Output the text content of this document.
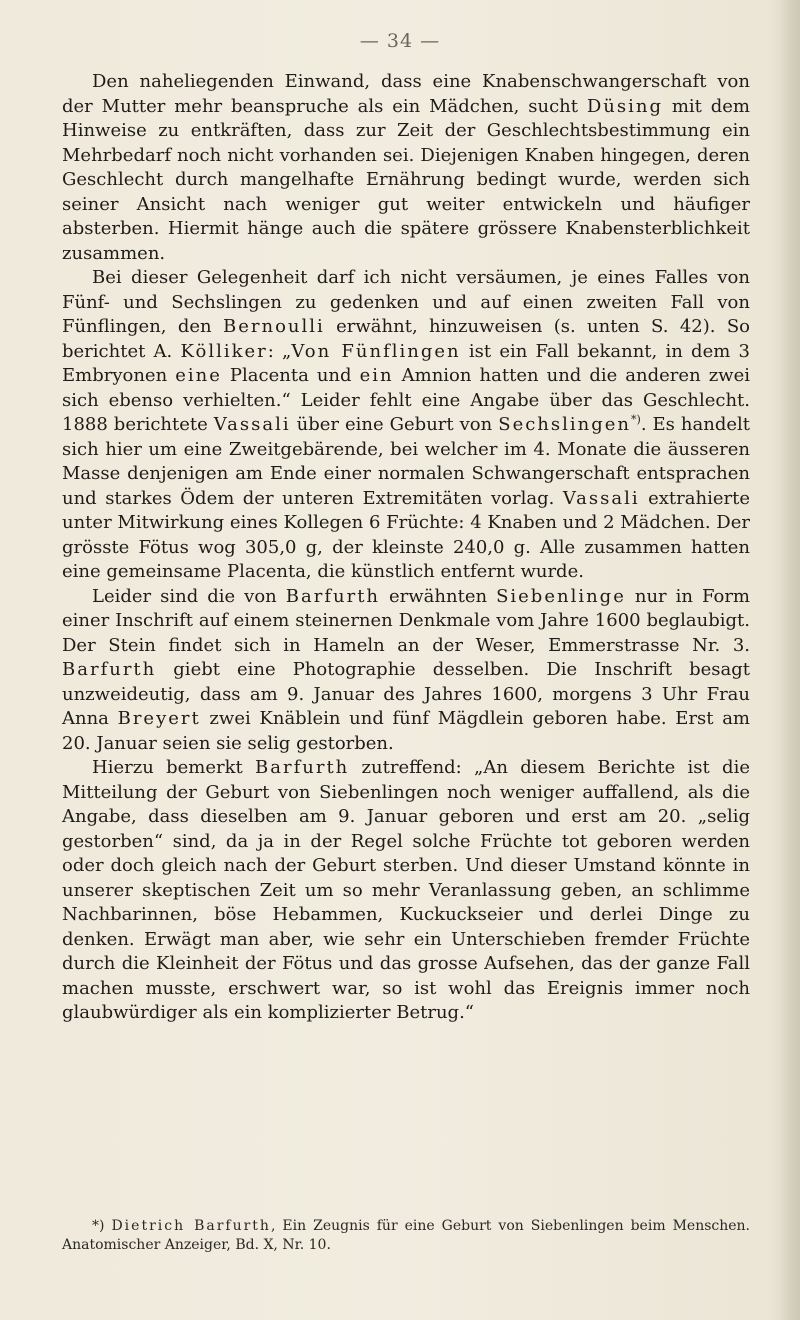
— 34 —

Den naheliegenden Einwand, dass eine Knabenschwangerschaft von der Mutter mehr beanspruche als ein Mädchen, sucht Düsing mit dem Hinweise zu entkräften, dass zur Zeit der Geschlechtsbestimmung ein Mehrbedarf noch nicht vorhanden sei. Diejenigen Knaben hingegen, deren Geschlecht durch mangelhafte Ernährung bedingt wurde, werden sich seiner Ansicht nach weniger gut weiter entwickeln und häufiger absterben. Hiermit hänge auch die spätere grössere Knabensterblichkeit zusammen.

Bei dieser Gelegenheit darf ich nicht versäumen, je eines Falles von Fünf- und Sechslingen zu gedenken und auf einen zweiten Fall von Fünflingen, den Bernoulli erwähnt, hinzuweisen (s. unten S. 42). So berichtet A. Kölliker: „Von Fünflingen ist ein Fall bekannt, in dem 3 Embryonen eine Placenta und ein Amnion hatten und die anderen zwei sich ebenso verhielten.“ Leider fehlt eine Angabe über das Geschlecht. 1888 berichtete Vassali über eine Geburt von Sechslingen*). Es handelt sich hier um eine Zweitgebärende, bei welcher im 4. Monate die äusseren Masse denjenigen am Ende einer normalen Schwangerschaft entsprachen und starkes Ödem der unteren Extremitäten vorlag. Vassali extrahierte unter Mitwirkung eines Kollegen 6 Früchte: 4 Knaben und 2 Mädchen. Der grösste Fötus wog 305,0 g, der kleinste 240,0 g. Alle zusammen hatten eine gemeinsame Placenta, die künstlich entfernt wurde.

Leider sind die von Barfurth erwähnten Siebenlinge nur in Form einer Inschrift auf einem steinernen Denkmale vom Jahre 1600 beglaubigt. Der Stein findet sich in Hameln an der Weser, Emmerstrasse Nr. 3. Barfurth giebt eine Photographie desselben. Die Inschrift besagt unzweideutig, dass am 9. Januar des Jahres 1600, morgens 3 Uhr Frau Anna Breyert zwei Knäblein und fünf Mägdlein geboren habe. Erst am 20. Januar seien sie selig gestorben.

Hierzu bemerkt Barfurth zutreffend: „An diesem Berichte ist die Mitteilung der Geburt von Siebenlingen noch weniger auffallend, als die Angabe, dass dieselben am 9. Januar geboren und erst am 20. „selig gestorben“ sind, da ja in der Regel solche Früchte tot geboren werden oder doch gleich nach der Geburt sterben. Und dieser Umstand könnte in unserer skeptischen Zeit um so mehr Veranlassung geben, an schlimme Nachbarinnen, böse Hebammen, Kuckuckseier und derlei Dinge zu denken. Erwägt man aber, wie sehr ein Unterschieben fremder Früchte durch die Kleinheit der Fötus und das grosse Aufsehen, das der ganze Fall machen musste, erschwert war, so ist wohl das Ereignis immer noch glaubwürdiger als ein komplizierter Betrug.“

*) Dietrich Barfurth, Ein Zeugnis für eine Geburt von Siebenlingen beim Menschen. Anatomischer Anzeiger, Bd. X, Nr. 10.
